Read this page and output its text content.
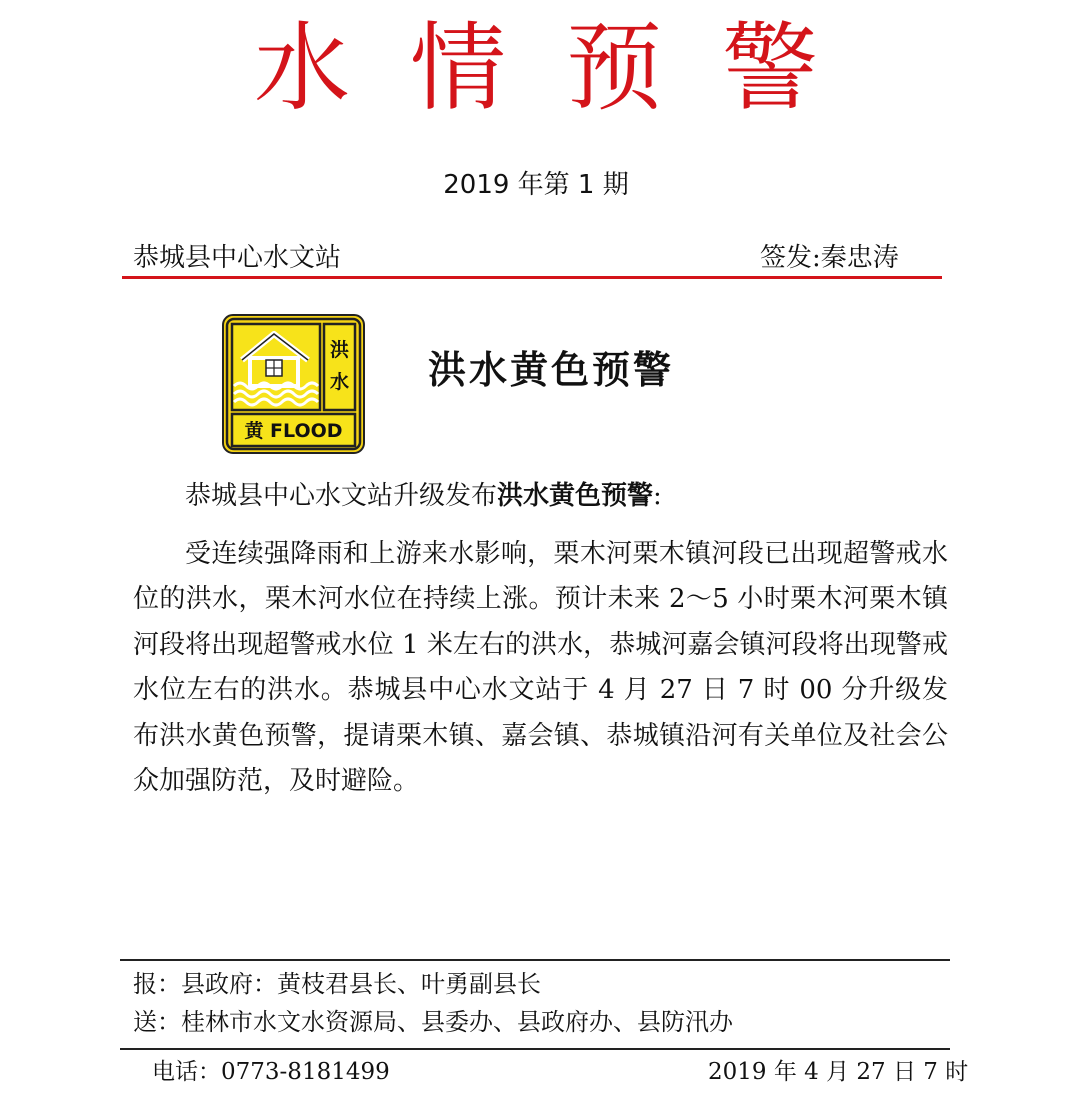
水情预警
2019 年第 1 期
恭城县中心水文站	签发:秦忠涛
洪
水
黄 FLOOD
洪水黄色预警

恭城县中心水文站升级发布洪水黄色预警:

受连续强降雨和上游来水影响，栗木河栗木镇河段已出现超警戒水位的洪水，栗木河水位在持续上涨。预计未来 2～5 小时栗木河栗木镇河段将出现超警戒水位 1 米左右的洪水，恭城河嘉会镇河段将出现警戒水位左右的洪水。恭城县中心水文站于 4 月 27 日 7 时 00 分升级发布洪水黄色预警，提请栗木镇、嘉会镇、恭城镇沿河有关单位及社会公众加强防范，及时避险。

报：县政府：黄枝君县长、叶勇副县长
送：桂林市水文水资源局、县委办、县政府办、县防汛办
电话：0773-8181499	2019 年 4 月 27 日 7 时
